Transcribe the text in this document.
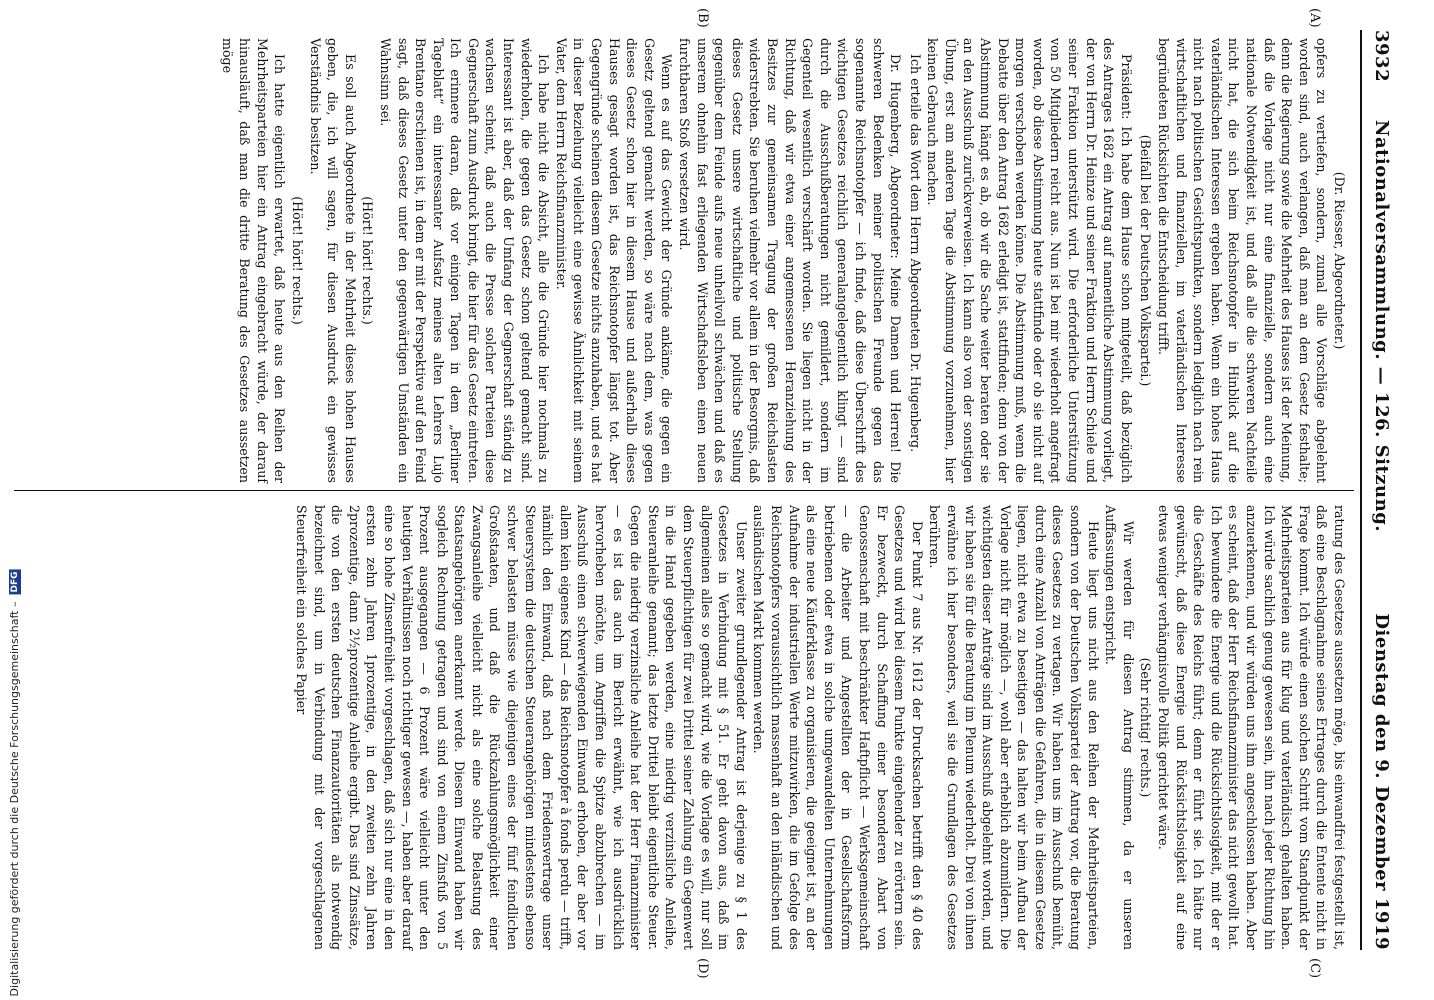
Digitalisierung gefördert durch die Deutsche Forschungsgemeinschaft – DFG
3932
Nationalversammlung. — 126. Sitzung.
Dienstag den 9. Dezember 1919
(A)
(B)
(C)
(D)

(Dr. Riesser, Abgeordneter.)

opfers zu vertiefen, sondern, zumal alle Vorschläge abgelehnt worden sind, auch verlangen, daß man an dem Gesetz festhalte; denn die Regierung sowie die Mehrheit des Hauses ist der Meinung, daß die Vorlage nicht nur eine finanzielle, sondern auch eine nationale Notwendigkeit ist, und daß alle die schweren Nachteile nicht hat, die sich beim Reichsnotopfer in Hinblick auf die vaterländischen Interessen ergeben haben. Wenn ein hohes Haus nicht nach politischen Gesichtspunkten, sondern lediglich nach rein wirtschaftlichen und finanziellen, im vaterländischen Interesse begründeten Rücksichten die Entscheidung trifft.

(Beifall bei der Deutschen Volkspartei.)

Präsident: Ich habe dem Hause schon mitgeteilt, daß bezüglich des Antrages 1682 ein Antrag auf namentliche Abstimmung vorliegt, der von Herrn Dr. Heinze und seiner Fraktion und Herrn Schiele und seiner Fraktion unterstützt wird. Die erforderliche Unterstützung von 50 Mitgliedern reicht aus. Nun ist bei mir wiederholt angefragt worden, ob diese Abstimmung heute stattfinde oder ob sie nicht auf morgen verschoben werden könne. Die Abstimmung muß, wenn die Debatte über den Antrag 1682 erledigt ist, stattfinden; denn von der Abstimmung hängt es ab, ob wir die Sache weiter beraten oder sie an den Ausschuß zurückverweisen. Ich kann also von der sonstigen Übung, erst am anderen Tage die Abstimmung vorzunehmen, hier keinen Gebrauch machen.

Ich erteile das Wort dem Herrn Abgeordneten Dr. Hugenberg.

Dr. Hugenberg, Abgeordneter: Meine Damen und Herren! Die schweren Bedenken meiner politischen Freunde gegen das sogenannte Reichsnotopfer — ich finde, daß diese Überschrift des wichtigen Gesetzes reichlich generalangelegentlich klingt — sind durch die Ausschußberatungen nicht gemildert, sondern im Gegenteil wesentlich verschärft worden. Sie liegen nicht in der Richtung, daß wir etwa einer angemessenen Heranziehung des Besitzes zur gemeinsamen Tragung der großen Reichslasten widerstrebten. Sie beruhen vielmehr vor allem in der Besorgnis, daß dieses Gesetz unsere wirtschaftliche und politische Stellung gegenüber dem Feinde aufs neue unheilvoll schwächen und daß es unserem ohnehin fast erliegenden Wirtschaftsleben einen neuen furchtbaren Stoß versetzen wird.

Wenn es auf das Gewicht der Gründe ankäme, die gegen ein Gesetz geltend gemacht werden, so wäre nach dem, was gegen dieses Gesetz schon hier in diesem Hause und außerhalb dieses Hauses gesagt worden ist, das Reichsnotopfer längst tot. Aber Gegengründe scheinen diesem Gesetze nichts anzuhaben, und es hat in dieser Beziehung vielleicht eine gewisse Ähnlichkeit mit seinem Vater, dem Herrn Reichsfinanzminister.

Ich habe nicht die Absicht, alle die Gründe hier nochmals zu wiederholen, die gegen das Gesetz schon geltend gemacht sind. Interessant ist aber, daß der Umfang der Gegnerschaft ständig zu wachsen scheint, daß auch die Presse solcher Parteien diese Gegnerschaft zum Ausdruck bringt, die hier für das Gesetz eintreten. Ich erinnere daran, daß vor einigen Tagen in dem „Berliner Tageblatt“ ein interessanter Aufsatz meines alten Lehrers Lujo Brentano erschienen ist, in dem er mit der Perspektive auf den Feind sagt, daß dieses Gesetz unter den gegenwärtigen Umständen ein Wahnsinn sei.

(Hört! hört! rechts.)

Es soll auch Abgeordnete in der Mehrheit dieses hohen Hauses geben, die, ich will sagen, für diesen Ausdruck ein gewisses Verständnis besitzen.

(Hört! hört! rechts.)

Ich hatte eigentlich erwartet, daß heute aus den Reihen der Mehrheitsparteien hier ein Antrag eingebracht würde, der darauf hinausläuft, daß man die dritte Beratung des Gesetzes aussetzen möge

ratung des Gesetzes aussetzen möge, bis einwandfrei festgestellt ist, daß eine Beschlagnahme seines Ertrages durch die Entente nicht in Frage kommt. Ich würde einen solchen Schritt vom Standpunkt der Mehrheitsparteien aus für klug und vaterländisch gehalten haben. Ich würde sachlich genug gewesen sein, ihn nach jeder Richtung hin anzuerkennen, und wir würden uns ihm angeschlossen haben. Aber es scheint, daß der Herr Reichsfinanzminister das nicht gewollt hat. Ich bewundere die Energie und die Rücksichtslosigkeit, mit der er die Geschäfte des Reichs führt; denn er führt sie. Ich hätte nur gewünscht, daß diese Energie und Rücksichtslosigkeit auf eine etwas weniger verhängnisvolle Politik gerichtet wäre.

(Sehr richtig! rechts.)

Wir werden für diesen Antrag stimmen, da er unseren Auffassungen entspricht.

Heute liegt uns nicht aus den Reihen der Mehrheitsparteien, sondern von der Deutschen Volkspartei der Antrag vor, die Beratung dieses Gesetzes zu vertagen. Wir haben uns im Ausschuß bemüht, durch eine Anzahl von Anträgen die Gefahren, die in diesem Gesetze liegen, nicht etwa zu beseitigen — das halten wir beim Aufbau der Vorlage nicht für möglich —, wohl aber erheblich abzumildern. Die wichtigsten dieser Anträge sind im Ausschuß abgelehnt worden, und wir haben sie für die Beratung im Plenum wiederholt. Drei von ihnen erwähne ich hier besonders, weil sie die Grundlagen des Gesetzes berühren.

Der Punkt 7 aus Nr. 1612 der Drucksachen betrifft den § 40 des Gesetzes und wird bei diesem Punkte eingehender zu erörtern sein. Er bezweckt, durch Schaffung einer besonderen Abart von Genossenschaft mit beschränkter Haftpflicht — Werksgemeinschaft — die Arbeiter und Angestellten der in Gesellschaftsform betriebenen oder etwa in solche umgewandelten Unternehmungen als eine neue Käuferklasse zu organisieren, die geeignet ist, an der Aufnahme der industriellen Werte mitzuwirken, die im Gefolge des Reichsnotopfers voraussichtlich massenhaft an den inländischen und ausländischen Markt kommen werden.

Unser zweiter grundlegender Antrag ist derjenige zu § 1 des Gesetzes in Verbindung mit § 51. Er geht davon aus, daß im allgemeinen alles so gemacht wird, wie die Vorlage es will, nur soll dem Steuerpflichtigen für zwei Drittel seiner Zahlung ein Gegenwert in die Hand gegeben werden, eine niedrig verzinsliche Anleihe, Steueranleihe genannt; das letzte Drittel bleibt eigentliche Steuer. Gegen die niedrig verzinsliche Anleihe hat der Herr Finanzminister — es ist das auch im Bericht erwähnt, wie ich ausdrücklich hervorheben möchte, um Angriffen die Spitze abzubrechen — im Ausschuß einen schwerwiegenden Einwand erhoben, der aber vor allem kein eigenes Kind — das Reichsnotopfer à fonds perdu — trifft, nämlich den Einwand, daß nach dem Friedensvertrage unser Steuersystem die deutschen Steuerangehörigen mindestens ebenso schwer belasten müsse wie diejenigen eines der fünf feindlichen Großstaaten, und daß die Rückzahlungsmöglichkeit einer Zwangsanleihe vielleicht nicht als eine solche Belastung des Staatsangehörigen anerkannt werde. Diesem Einwand haben wir sogleich Rechnung getragen und sind von einem Zinsfuß von 5 Prozent ausgegangen — 6 Prozent wäre vielleicht unter den heutigen Verhältnissen noch richtiger gewesen —, haben aber darauf eine so hohe Zinsenfreiheit vorgeschlagen, daß sich nur eine in den ersten zehn Jahren 1prozentige, in den zweiten zehn Jahren 2prozentige, dann 2½prozentige Anleihe ergibt. Das sind Zinssätze, die von den ersten deutschen Finanzautoritäten als notwendig bezeichnet sind, um in Verbindung mit der vorgeschlagenen Steuerfreiheit ein solches Papier
